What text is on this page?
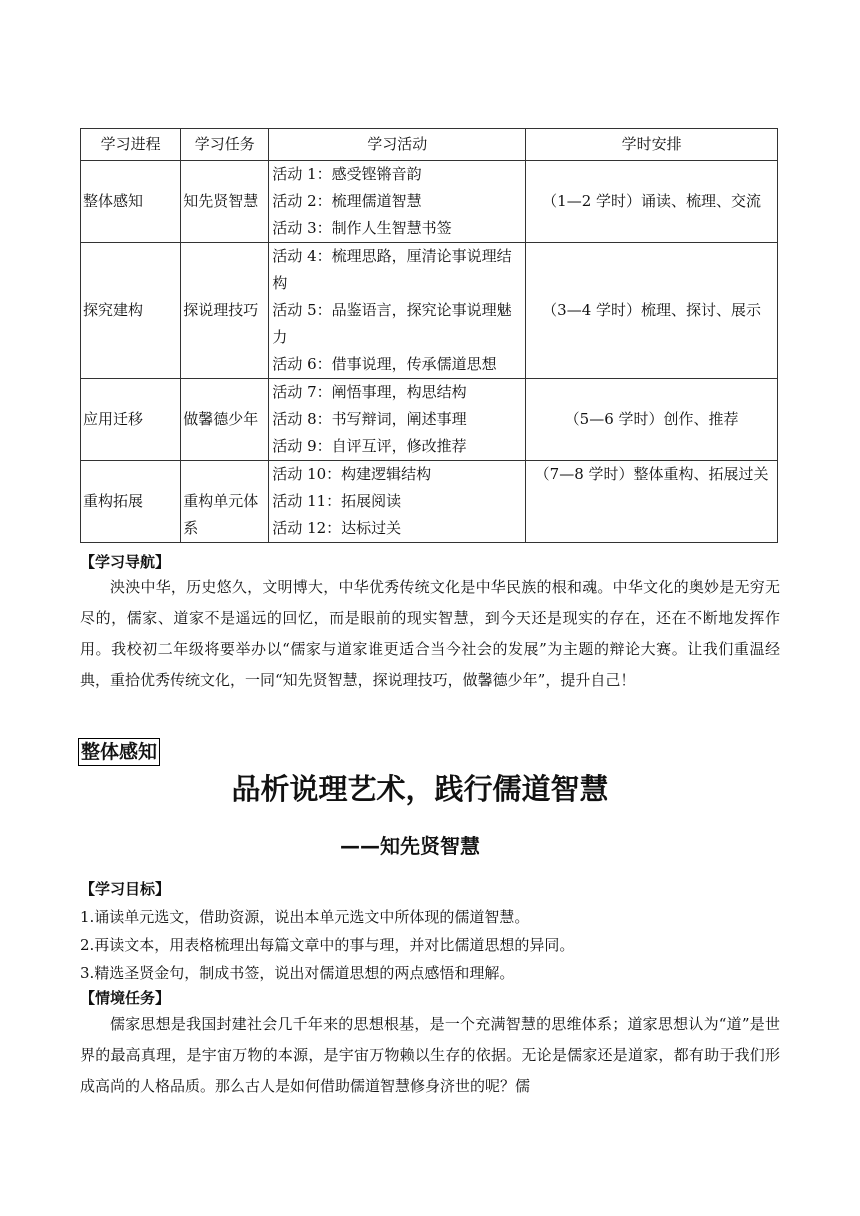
学习进程	学习任务	学习活动	学时安排
整体感知	知先贤智慧	活动 1：感受铿锵音韵
活动 2：梳理儒道智慧
活动 3：制作人生智慧书签	（1—2 学时）诵读、梳理、交流
探究建构	探说理技巧	活动 4：梳理思路，厘清论事说理结构
活动 5：品鉴语言，探究论事说理魅力
活动 6：借事说理，传承儒道思想	（3—4 学时）梳理、探讨、展示
应用迁移	做馨德少年	活动 7：阐悟事理，构思结构
活动 8：书写辩词，阐述事理
活动 9：自评互评，修改推荐	（5—6 学时）创作、推荐
重构拓展	重构单元体系	活动 10：构建逻辑结构
活动 11：拓展阅读
活动 12：达标过关	（7—8 学时）整体重构、拓展过关
【学习导航】
泱泱中华，历史悠久，文明博大，中华优秀传统文化是中华民族的根和魂。中华文化的奥妙是无穷无尽的，儒家、道家不是遥远的回忆，而是眼前的现实智慧，到今天还是现实的存在，还在不断地发挥作用。我校初二年级将要举办以“儒家与道家谁更适合当今社会的发展”为主题的辩论大赛。让我们重温经典，重拾优秀传统文化，一同“知先贤智慧，探说理技巧，做馨德少年”，提升自己！
整体感知
品析说理艺术，践行儒道智慧
——知先贤智慧
【学习目标】
1.诵读单元选文，借助资源，说出本单元选文中所体现的儒道智慧。
2.再读文本，用表格梳理出每篇文章中的事与理，并对比儒道思想的异同。
3.精选圣贤金句，制成书签，说出对儒道思想的两点感悟和理解。
【情境任务】
儒家思想是我国封建社会几千年来的思想根基，是一个充满智慧的思维体系；道家思想认为“道”是世界的最高真理，是宇宙万物的本源，是宇宙万物赖以生存的依据。无论是儒家还是道家，都有助于我们形成高尚的人格品质。那么古人是如何借助儒道智慧修身济世的呢？儒
